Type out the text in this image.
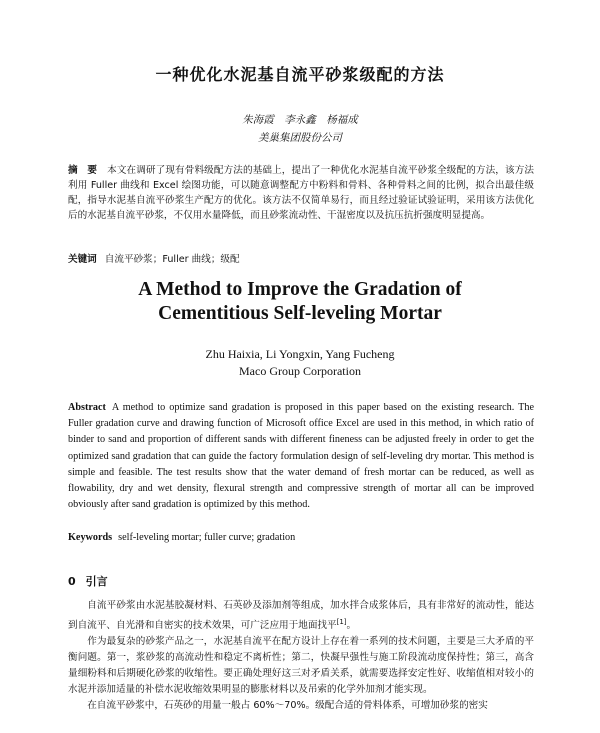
一种优化水泥基自流平砂浆级配的方法
朱海霞　李永鑫　杨福成
美巢集团股份公司
摘　要 本文在调研了现有骨料级配方法的基础上，提出了一种优化水泥基自流平砂浆全级配的方法，该方法利用 Fuller 曲线和 Excel 绘图功能，可以随意调整配方中粉料和骨料、各种骨料之间的比例，拟合出最佳级配，指导水泥基自流平砂浆生产配方的优化。该方法不仅简单易行，而且经过验证试验证明，采用该方法优化后的水泥基自流平砂浆，不仅用水量降低，而且砂浆流动性、干湿密度以及抗压抗折强度明显提高。
关键词 自流平砂浆；Fuller 曲线；级配
A Method to Improve the Gradation of
Cementitious Self-leveling Mortar
Zhu Haixia, Li Yongxin, Yang Fucheng
Maco Group Corporation
Abstract A method to optimize sand gradation is proposed in this paper based on the existing research. The Fuller gradation curve and drawing function of Microsoft office Excel are used in this method, in which ratio of binder to sand and proportion of different sands with different fineness can be adjusted freely in order to get the optimized sand gradation that can guide the factory formulation design of self-leveling dry mortar. This method is simple and feasible. The test results show that the water demand of fresh mortar can be reduced, as well as flowability, dry and wet density, flexural strength and compressive strength of mortar all can be improved obviously after sand gradation is optimized by this method.
Keywords self-leveling mortar; fuller curve; gradation
0 引言

自流平砂浆由水泥基胶凝材料、石英砂及添加剂等组成，加水拌合成浆体后，具有非常好的流动性，能达到自流平、自光滑和自密实的技术效果，可广泛应用于地面找平[1]。

作为最复杂的砂浆产品之一，水泥基自流平在配方设计上存在着一系列的技术问题，主要是三大矛盾的平衡问题。第一，浆砂浆的高流动性和稳定不离析性；第二，快凝早强性与施工阶段流动度保持性；第三，高含量细粉料和后期硬化砂浆的收缩性。要正确处理好这三对矛盾关系，就需要选择安定性好、收缩值相对较小的水泥并添加适量的补偿水泥收缩效果明显的膨胀材料以及吊索的化学外加剂才能实现。

在自流平砂浆中，石英砂的用量一般占 60%～70%。级配合适的骨料体系，可增加砂浆的密实
